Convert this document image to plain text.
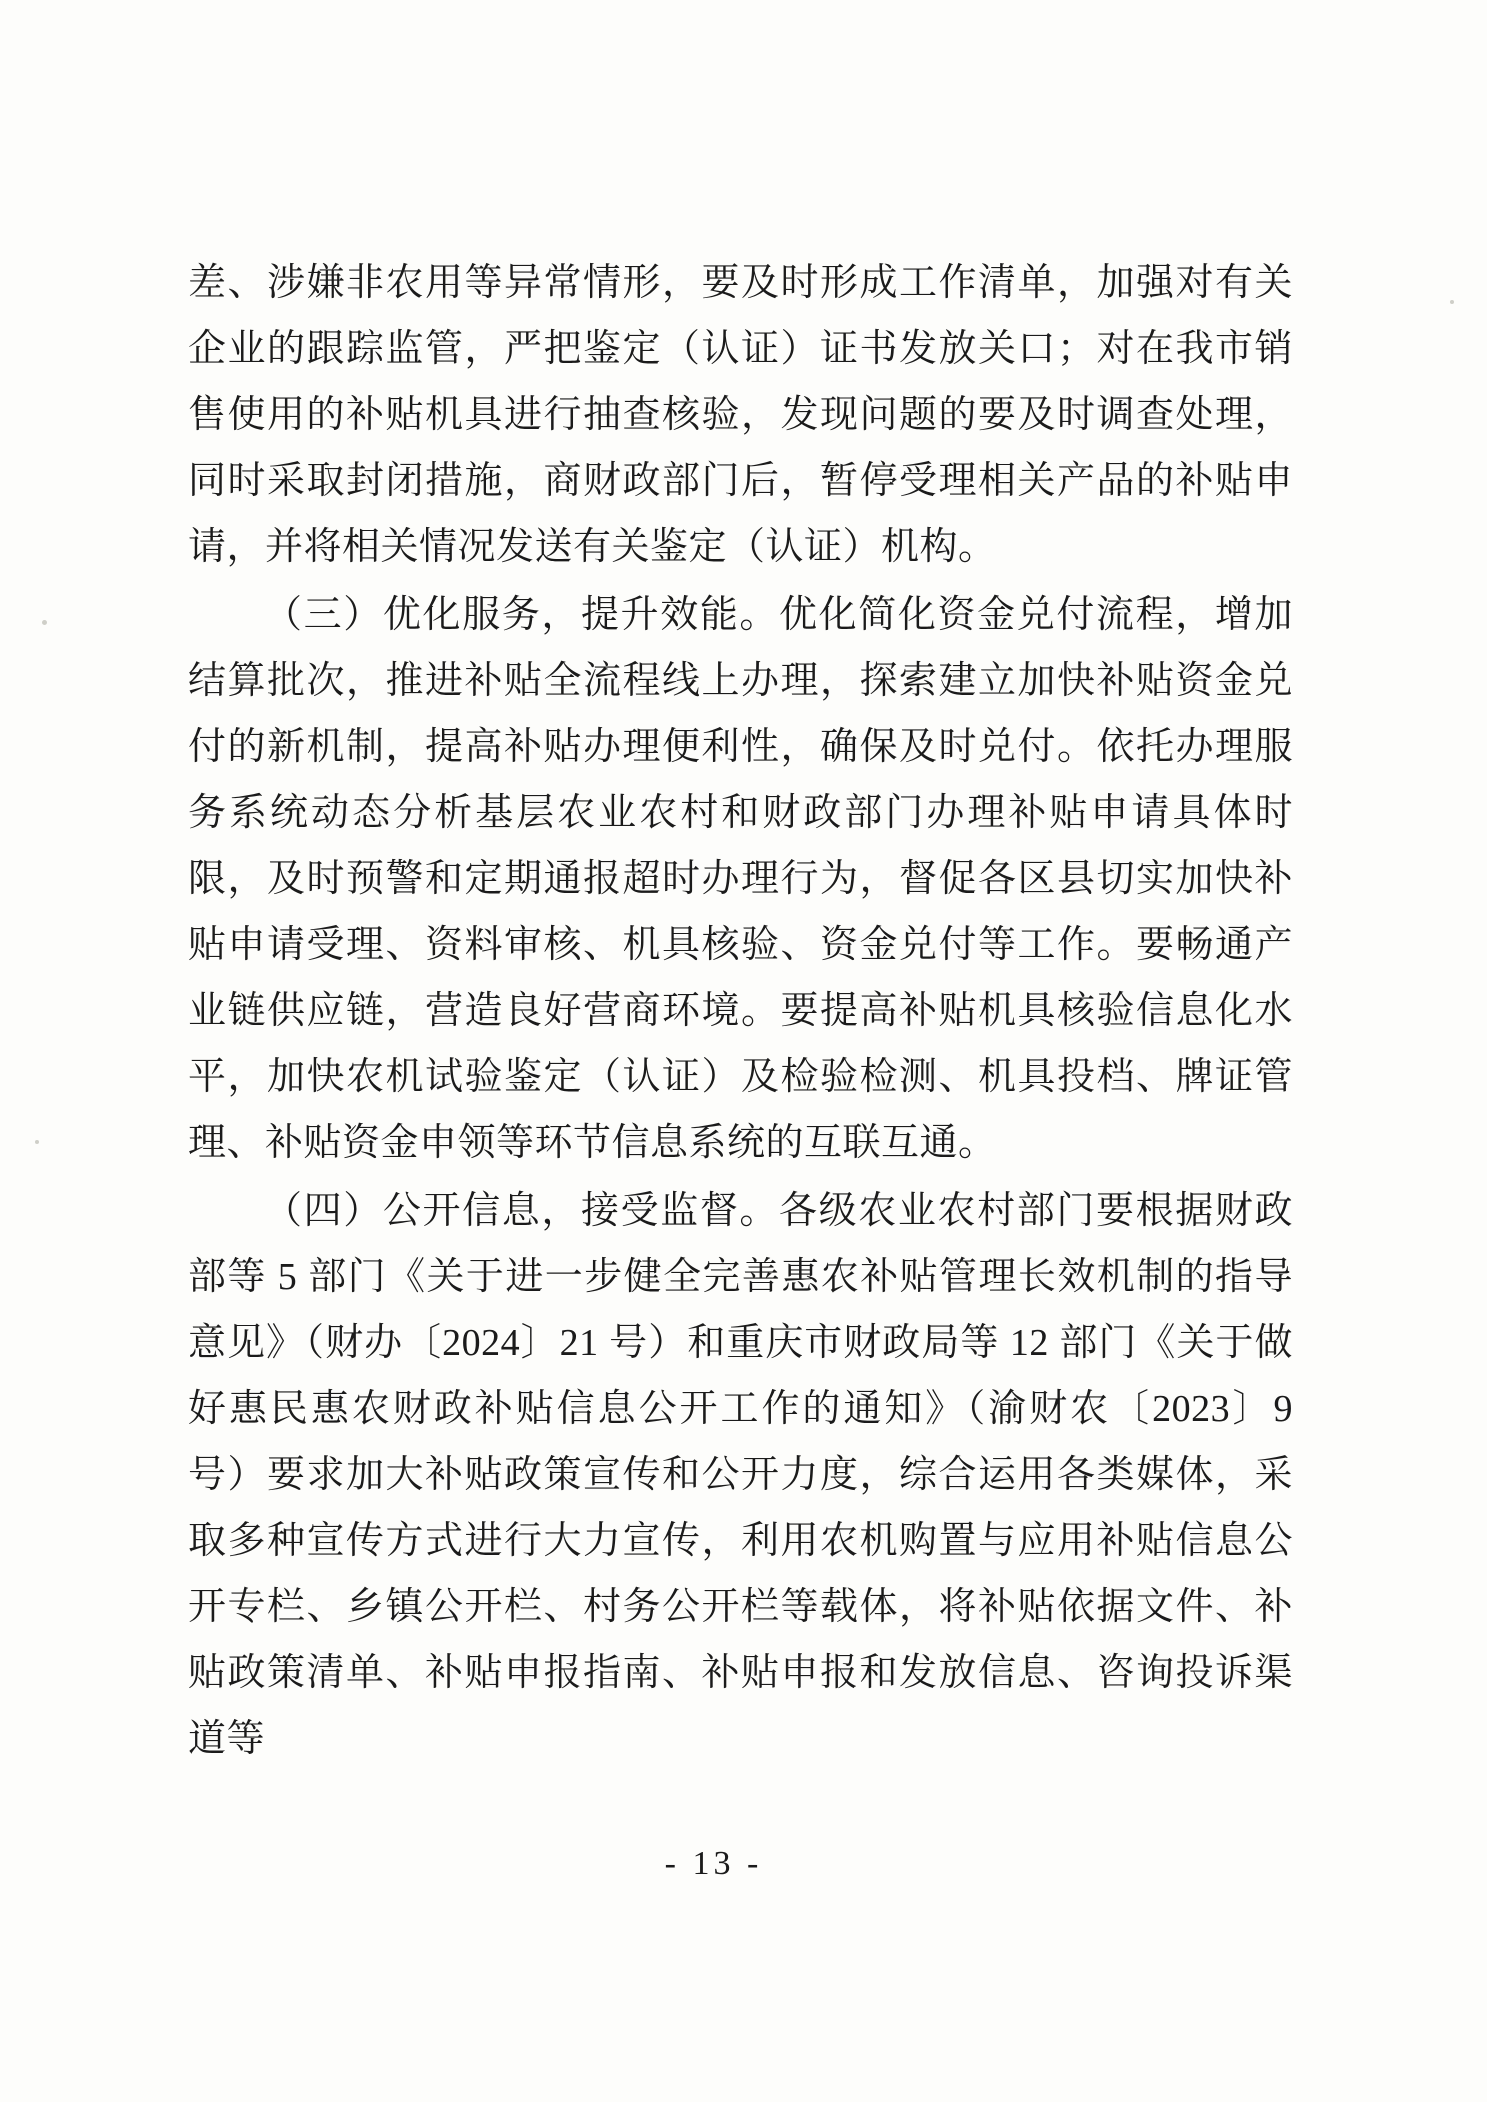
差、涉嫌非农用等异常情形，要及时形成工作清单，加强对有关企业的跟踪监管，严把鉴定（认证）证书发放关口；对在我市销售使用的补贴机具进行抽查核验，发现问题的要及时调查处理，同时采取封闭措施，商财政部门后，暂停受理相关产品的补贴申请，并将相关情况发送有关鉴定（认证）机构。

（三）优化服务，提升效能。优化简化资金兑付流程，增加结算批次，推进补贴全流程线上办理，探索建立加快补贴资金兑付的新机制，提高补贴办理便利性，确保及时兑付。依托办理服务系统动态分析基层农业农村和财政部门办理补贴申请具体时限，及时预警和定期通报超时办理行为，督促各区县切实加快补贴申请受理、资料审核、机具核验、资金兑付等工作。要畅通产业链供应链，营造良好营商环境。要提高补贴机具核验信息化水平，加快农机试验鉴定（认证）及检验检测、机具投档、牌证管理、补贴资金申领等环节信息系统的互联互通。

（四）公开信息，接受监督。各级农业农村部门要根据财政部等 5 部门《关于进一步健全完善惠农补贴管理长效机制的指导意见》（财办〔2024〕21 号）和重庆市财政局等 12 部门《关于做好惠民惠农财政补贴信息公开工作的通知》（渝财农〔2023〕9 号）要求加大补贴政策宣传和公开力度，综合运用各类媒体，采取多种宣传方式进行大力宣传，利用农机购置与应用补贴信息公开专栏、乡镇公开栏、村务公开栏等载体，将补贴依据文件、补贴政策清单、补贴申报指南、补贴申报和发放信息、咨询投诉渠道等

- 13 -
